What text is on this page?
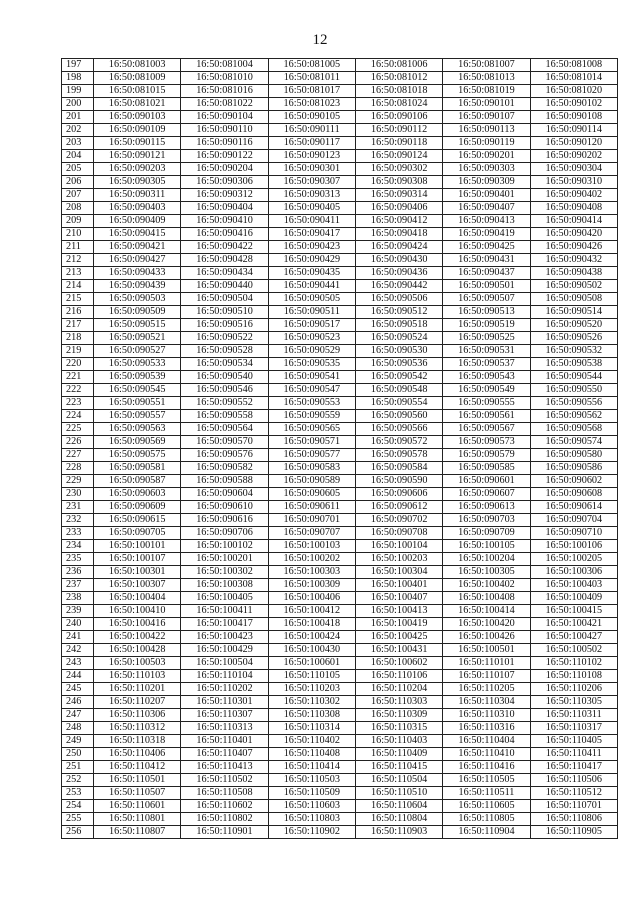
12
197	16:50:081003	16:50:081004	16:50:081005	16:50:081006	16:50:081007	16:50:081008
198	16:50:081009	16:50:081010	16:50:081011	16:50:081012	16:50:081013	16:50:081014
199	16:50:081015	16:50:081016	16:50:081017	16:50:081018	16:50:081019	16:50:081020
200	16:50:081021	16:50:081022	16:50:081023	16:50:081024	16:50:090101	16:50:090102
201	16:50:090103	16:50:090104	16:50:090105	16:50:090106	16:50:090107	16:50:090108
202	16:50:090109	16:50:090110	16:50:090111	16:50:090112	16:50:090113	16:50:090114
203	16:50:090115	16:50:090116	16:50:090117	16:50:090118	16:50:090119	16:50:090120
204	16:50:090121	16:50:090122	16:50:090123	16:50:090124	16:50:090201	16:50:090202
205	16:50:090203	16:50:090204	16:50:090301	16:50:090302	16:50:090303	16:50:090304
206	16:50:090305	16:50:090306	16:50:090307	16:50:090308	16:50:090309	16:50:090310
207	16:50:090311	16:50:090312	16:50:090313	16:50:090314	16:50:090401	16:50:090402
208	16:50:090403	16:50:090404	16:50:090405	16:50:090406	16:50:090407	16:50:090408
209	16:50:090409	16:50:090410	16:50:090411	16:50:090412	16:50:090413	16:50:090414
210	16:50:090415	16:50:090416	16:50:090417	16:50:090418	16:50:090419	16:50:090420
211	16:50:090421	16:50:090422	16:50:090423	16:50:090424	16:50:090425	16:50:090426
212	16:50:090427	16:50:090428	16:50:090429	16:50:090430	16:50:090431	16:50:090432
213	16:50:090433	16:50:090434	16:50:090435	16:50:090436	16:50:090437	16:50:090438
214	16:50:090439	16:50:090440	16:50:090441	16:50:090442	16:50:090501	16:50:090502
215	16:50:090503	16:50:090504	16:50:090505	16:50:090506	16:50:090507	16:50:090508
216	16:50:090509	16:50:090510	16:50:090511	16:50:090512	16:50:090513	16:50:090514
217	16:50:090515	16:50:090516	16:50:090517	16:50:090518	16:50:090519	16:50:090520
218	16:50:090521	16:50:090522	16:50:090523	16:50:090524	16:50:090525	16:50:090526
219	16:50:090527	16:50:090528	16:50:090529	16:50:090530	16:50:090531	16:50:090532
220	16:50:090533	16:50:090534	16:50:090535	16:50:090536	16:50:090537	16:50:090538
221	16:50:090539	16:50:090540	16:50:090541	16:50:090542	16:50:090543	16:50:090544
222	16:50:090545	16:50:090546	16:50:090547	16:50:090548	16:50:090549	16:50:090550
223	16:50:090551	16:50:090552	16:50:090553	16:50:090554	16:50:090555	16:50:090556
224	16:50:090557	16:50:090558	16:50:090559	16:50:090560	16:50:090561	16:50:090562
225	16:50:090563	16:50:090564	16:50:090565	16:50:090566	16:50:090567	16:50:090568
226	16:50:090569	16:50:090570	16:50:090571	16:50:090572	16:50:090573	16:50:090574
227	16:50:090575	16:50:090576	16:50:090577	16:50:090578	16:50:090579	16:50:090580
228	16:50:090581	16:50:090582	16:50:090583	16:50:090584	16:50:090585	16:50:090586
229	16:50:090587	16:50:090588	16:50:090589	16:50:090590	16:50:090601	16:50:090602
230	16:50:090603	16:50:090604	16:50:090605	16:50:090606	16:50:090607	16:50:090608
231	16:50:090609	16:50:090610	16:50:090611	16:50:090612	16:50:090613	16:50:090614
232	16:50:090615	16:50:090616	16:50:090701	16:50:090702	16:50:090703	16:50:090704
233	16:50:090705	16:50:090706	16:50:090707	16:50:090708	16:50:090709	16:50:090710
234	16:50:100101	16:50:100102	16:50:100103	16:50:100104	16:50:100105	16:50:100106
235	16:50:100107	16:50:100201	16:50:100202	16:50:100203	16:50:100204	16:50:100205
236	16:50:100301	16:50:100302	16:50:100303	16:50:100304	16:50:100305	16:50:100306
237	16:50:100307	16:50:100308	16:50:100309	16:50:100401	16:50:100402	16:50:100403
238	16:50:100404	16:50:100405	16:50:100406	16:50:100407	16:50:100408	16:50:100409
239	16:50:100410	16:50:100411	16:50:100412	16:50:100413	16:50:100414	16:50:100415
240	16:50:100416	16:50:100417	16:50:100418	16:50:100419	16:50:100420	16:50:100421
241	16:50:100422	16:50:100423	16:50:100424	16:50:100425	16:50:100426	16:50:100427
242	16:50:100428	16:50:100429	16:50:100430	16:50:100431	16:50:100501	16:50:100502
243	16:50:100503	16:50:100504	16:50:100601	16:50:100602	16:50:110101	16:50:110102
244	16:50:110103	16:50:110104	16:50:110105	16:50:110106	16:50:110107	16:50:110108
245	16:50:110201	16:50:110202	16:50:110203	16:50:110204	16:50:110205	16:50:110206
246	16:50:110207	16:50:110301	16:50:110302	16:50:110303	16:50:110304	16:50:110305
247	16:50:110306	16:50:110307	16:50:110308	16:50:110309	16:50:110310	16:50:110311
248	16:50:110312	16:50:110313	16:50:110314	16:50:110315	16:50:110316	16:50:110317
249	16:50:110318	16:50:110401	16:50:110402	16:50:110403	16:50:110404	16:50:110405
250	16:50:110406	16:50:110407	16:50:110408	16:50:110409	16:50:110410	16:50:110411
251	16:50:110412	16:50:110413	16:50:110414	16:50:110415	16:50:110416	16:50:110417
252	16:50:110501	16:50:110502	16:50:110503	16:50:110504	16:50:110505	16:50:110506
253	16:50:110507	16:50:110508	16:50:110509	16:50:110510	16:50:110511	16:50:110512
254	16:50:110601	16:50:110602	16:50:110603	16:50:110604	16:50:110605	16:50:110701
255	16:50:110801	16:50:110802	16:50:110803	16:50:110804	16:50:110805	16:50:110806
256	16:50:110807	16:50:110901	16:50:110902	16:50:110903	16:50:110904	16:50:110905
